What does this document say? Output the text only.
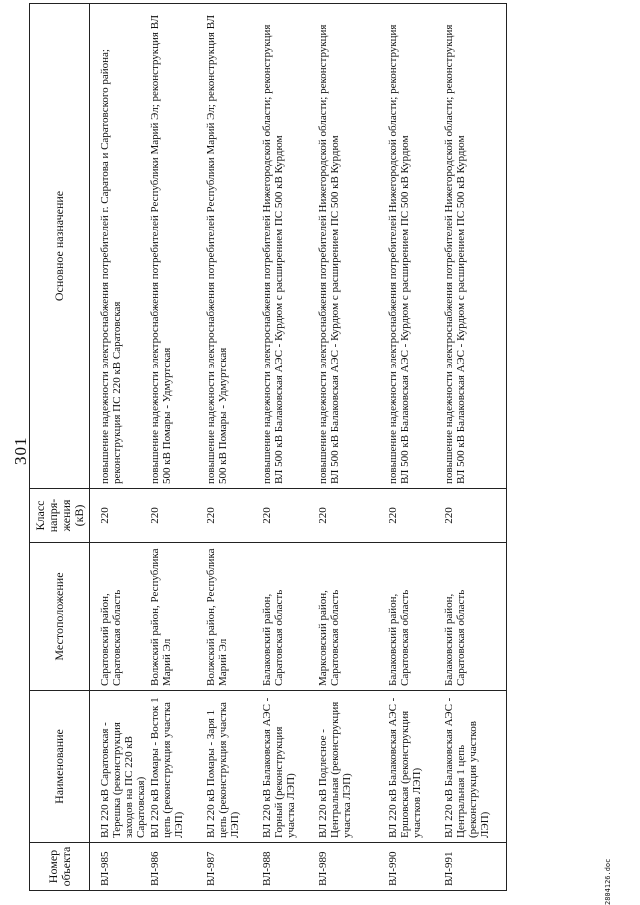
301
Номер объекта	Наименование	Местоположение	Класс напря-жения (кВ)	Основное назначение
ВЛ-985	ВЛ 220 кВ Саратовская - Терешка (реконструкция заходов на ПС 220 кВ Саратовская)	Саратовский район, Саратовская область	220	повышение надежности электроснабжения потребителей г. Саратова и Саратовского района; реконструкция ПС 220 кВ Саратовская
ВЛ-986	ВЛ 220 кВ Помары - Восток 1 цепь (реконструкция участка ЛЭП)	Волжский район, Республика Марий Эл	220	повышение надежности электроснабжения потребителей Республики Марий Эл; реконструкция ВЛ 500 кВ Помары - Удмуртская
ВЛ-987	ВЛ 220 кВ Помары - Заря 1 цепь (реконструкция участка ЛЭП)	Волжский район, Республика Марий Эл	220	повышение надежности электроснабжения потребителей Республики Марий Эл; реконструкция ВЛ 500 кВ Помары - Удмуртская
ВЛ-988	ВЛ 220 кВ Балаковская АЭС - Горный (реконструкция участка ЛЭП)	Балаковский район, Саратовская область	220	повышение надежности электроснабжения потребителей Нижегородской области; реконструкция ВЛ 500 кВ Балаковская АЭС - Курдюм с расширением ПС 500 кВ Курдюм
ВЛ-989	ВЛ 220 кВ Подлесное - Центральная (реконструкция участка ЛЭП)	Марксовский район, Саратовская область	220	повышение надежности электроснабжения потребителей Нижегородской области; реконструкция ВЛ 500 кВ Балаковская АЭС - Курдюм с расширением ПС 500 кВ Курдюм
ВЛ-990	ВЛ 220 кВ Балаковская АЭС - Ершовская (реконструкция участков ЛЭП)	Балаковский район, Саратовская область	220	повышение надежности электроснабжения потребителей Нижегородской области; реконструкция ВЛ 500 кВ Балаковская АЭС - Курдюм с расширением ПС 500 кВ Курдюм
ВЛ-991	ВЛ 220 кВ Балаковская АЭС - Центральная 1 цепь (реконструкция участков ЛЭП)	Балаковский район, Саратовская область	220	повышение надежности электроснабжения потребителей Нижегородской области; реконструкция ВЛ 500 кВ Балаковская АЭС - Курдюм с расширением ПС 500 кВ Курдюм
2804126.doc
